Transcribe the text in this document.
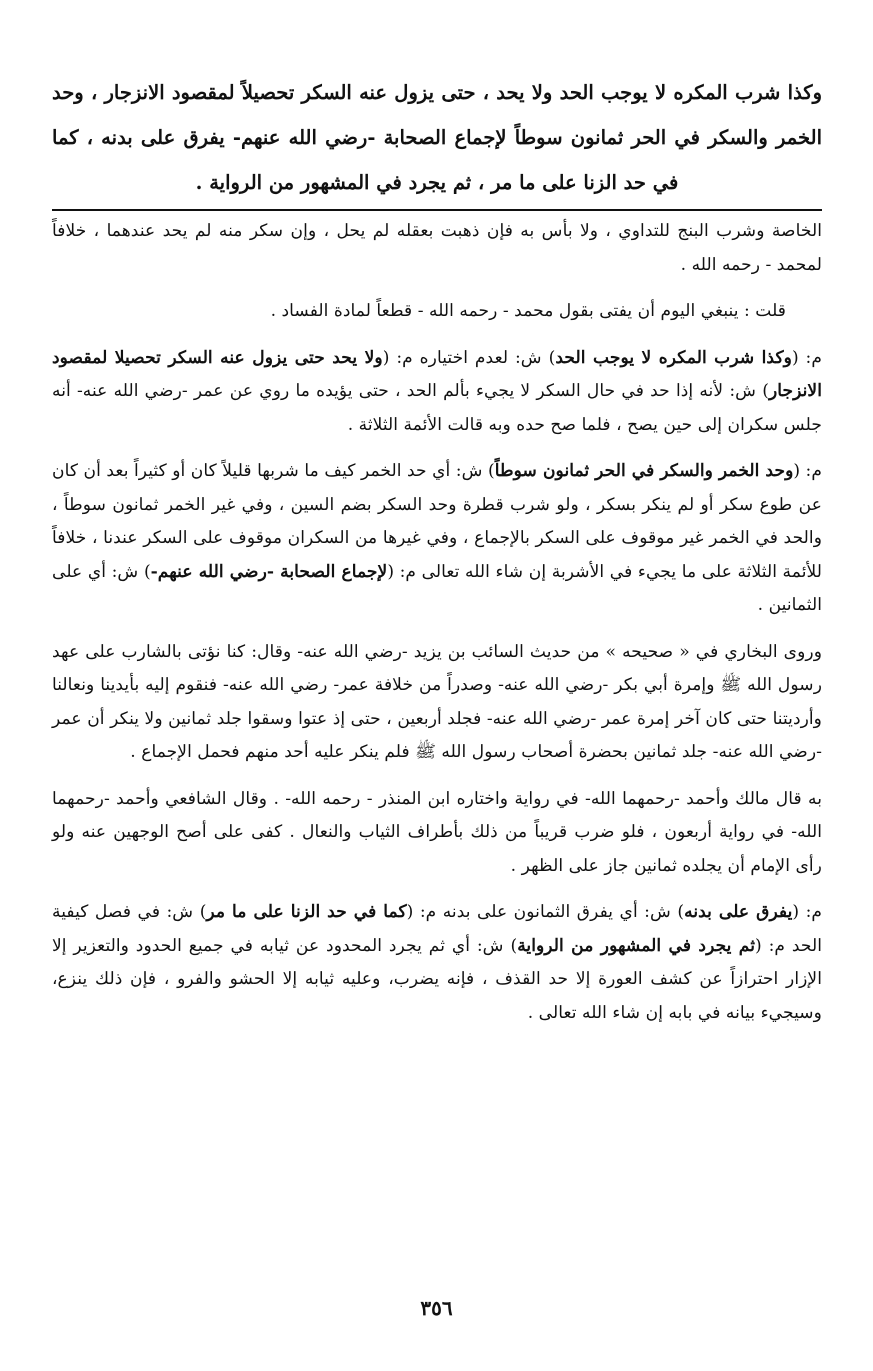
وكذا شرب المكره لا يوجب الحد ولا يحد ، حتى يزول عنه السكر تحصيلاً لمقصود الانزجار ، وحد الخمر والسكر في الحر ثمانون سوطاً لإجماع الصحابة -رضي الله عنهم- يفرق على بدنه ، كما في حد الزنا على ما مر ، ثم يجرد في المشهور من الرواية .

الخاصة وشرب البنج للتداوي ، ولا بأس به فإن ذهبت بعقله لم يحل ، وإن سكر منه لم يحد عندهما ، خلافاً لمحمد - رحمه الله .

قلت : ينبغي اليوم أن يفتى بقول محمد - رحمه الله - قطعاً لمادة الفساد .

م: (وكذا شرب المكره لا يوجب الحد) ش: لعدم اختياره م: (ولا يحد حتى يزول عنه السكر تحصيلا لمقصود الانزجار) ش: لأنه إذا حد في حال السكر لا يجيء بألم الحد ، حتى يؤيده ما روي عن عمر -رضي الله عنه- أنه جلس سكران إلى حين يصح ، فلما صح حده وبه قالت الأئمة الثلاثة .

م: (وحد الخمر والسكر في الحر ثمانون سوطاً) ش: أي حد الخمر كيف ما شربها قليلاً كان أو كثيراً بعد أن كان عن طوع سكر أو لم ينكر بسكر ، ولو شرب قطرة وحد السكر بضم السين ، وفي غير الخمر ثمانون سوطاً ، والحد في الخمر غير موقوف على السكر بالإجماع ، وفي غيرها من السكران موقوف على السكر عندنا ، خلافاً للأئمة الثلاثة على ما يجيء في الأشربة إن شاء الله تعالى م: (لإجماع الصحابة -رضي الله عنهم-) ش: أي على الثمانين .

وروى البخاري في « صحيحه » من حديث السائب بن يزيد -رضي الله عنه- وقال: كنا نؤتى بالشارب على عهد رسول الله ﷺ وإمرة أبي بكر -رضي الله عنه- وصدراً من خلافة عمر- رضي الله عنه- فنقوم إليه بأيدينا ونعالنا وأرديتنا حتى كان آخر إمرة عمر -رضي الله عنه- فجلد أربعين ، حتى إذ عتوا وسقوا جلد ثمانين ولا ينكر أن عمر -رضي الله عنه- جلد ثمانين بحضرة أصحاب رسول الله ﷺ فلم ينكر عليه أحد منهم فحمل الإجماع .

به قال مالك وأحمد -رحمهما الله- في رواية واختاره ابن المنذر - رحمه الله- . وقال الشافعي وأحمد -رحمهما الله- في رواية أربعون ، فلو ضرب قريباً من ذلك بأطراف الثياب والنعال . كفى على أصح الوجهين عنه ولو رأى الإمام أن يجلده ثمانين جاز على الظهر .

م: (يفرق على بدنه) ش: أي يفرق الثمانون على بدنه م: (كما في حد الزنا على ما مر) ش: في فصل كيفية الحد م: (ثم يجرد في المشهور من الرواية) ش: أي ثم يجرد المحدود عن ثيابه في جميع الحدود والتعزير إلا الإزار احترازاً عن كشف العورة إلا حد القذف ، فإنه يضرب، وعليه ثيابه إلا الحشو والفرو ، فإن ذلك ينزع، وسيجيء بيانه في بابه إن شاء الله تعالى .

٣٥٦
